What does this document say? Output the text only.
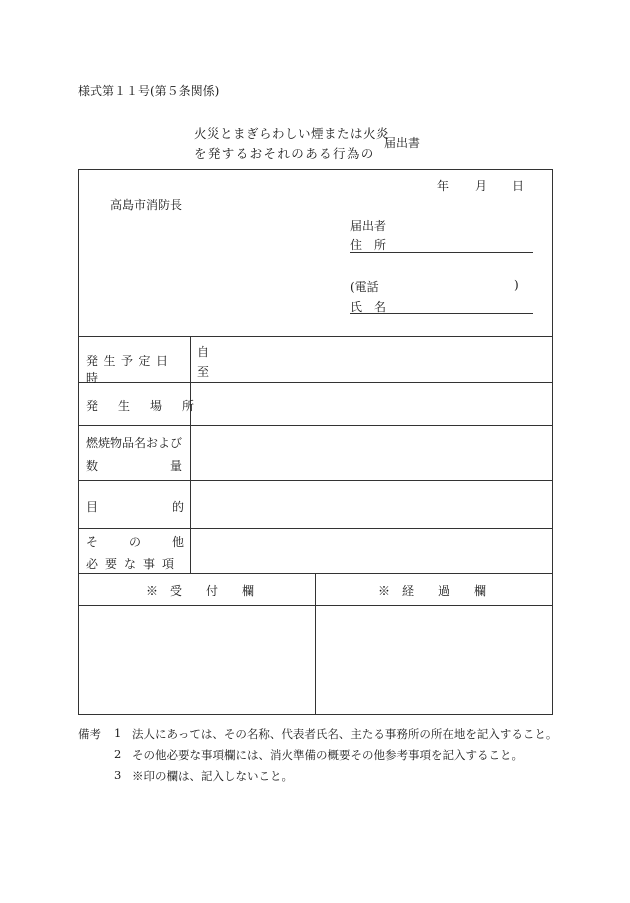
様式第１１号(第５条関係)
火災とまぎらわしい煙または火炎
を発するおそれのある行為の
届出書
年 月 日
高島市消防長
届出者
住　所
(電話	)
氏　名
発生予定日時
自
至
発生場所
燃焼物品名および
数量
目的
その他
必要な事項
※　受　　付　　欄	※　経　　過　　欄
備考 1 法人にあっては、その名称、代表者氏名、主たる事務所の所在地を記入すること。
2 その他必要な事項欄には、消火準備の概要その他参考事項を記入すること。
3 ※印の欄は、記入しないこと。
